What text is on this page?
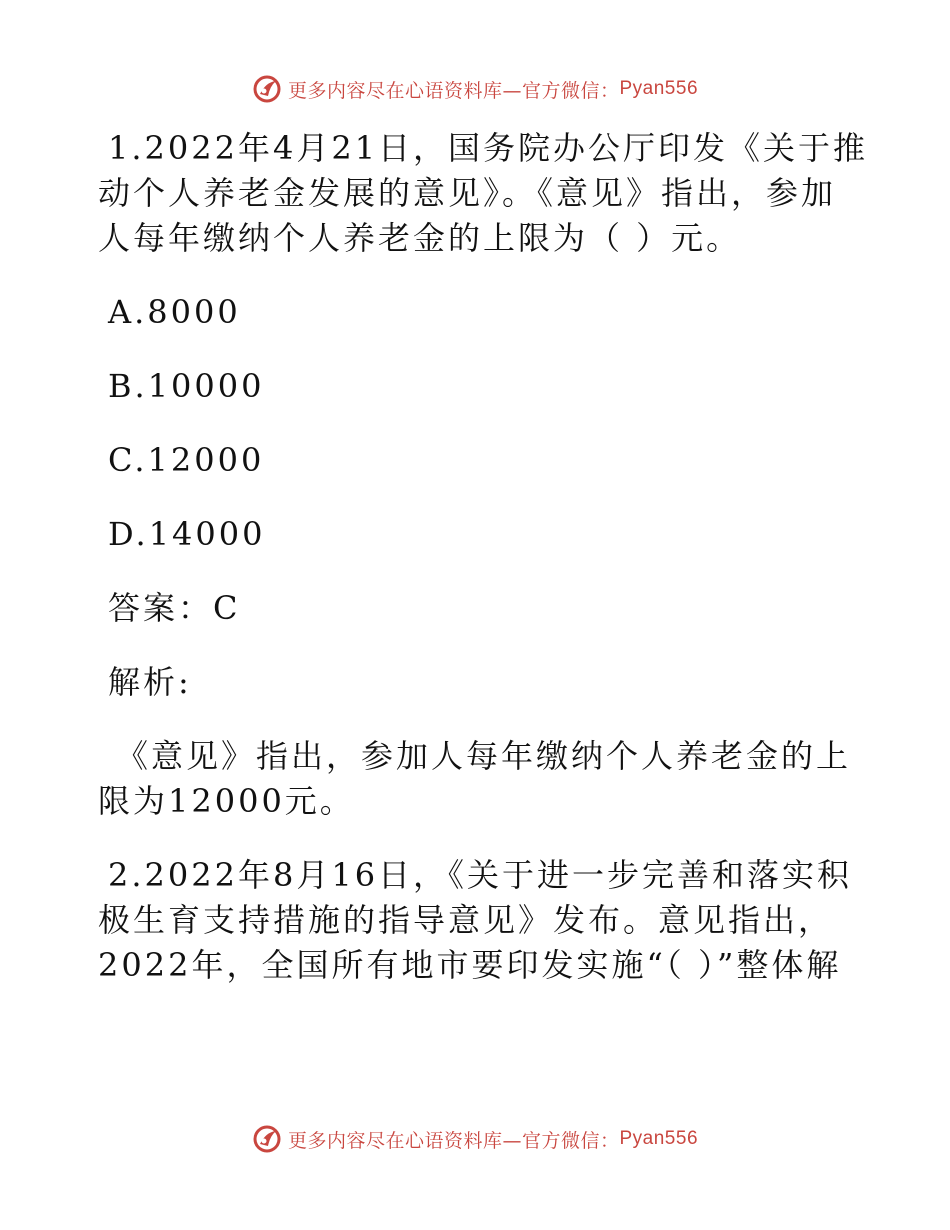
更多内容尽在心语资料库—官方微信： Pyan556
1.2022年4月21日，国务院办公厅印发《关于推
动个人养老金发展的意见》。《意见》指出，参加
人每年缴纳个人养老金的上限为（ ）元。
A.8000
B.10000
C.12000
D.14000
答案：C
解析:
《意见》指出，参加人每年缴纳个人养老金的上
限为12000元。
2.2022年8月16日，《关于进一步完善和落实积
极生育支持措施的指导意见》发布。意见指出，
2022年，全国所有地市要印发实施“（ ）”整体解
更多内容尽在心语资料库—官方微信： Pyan556
